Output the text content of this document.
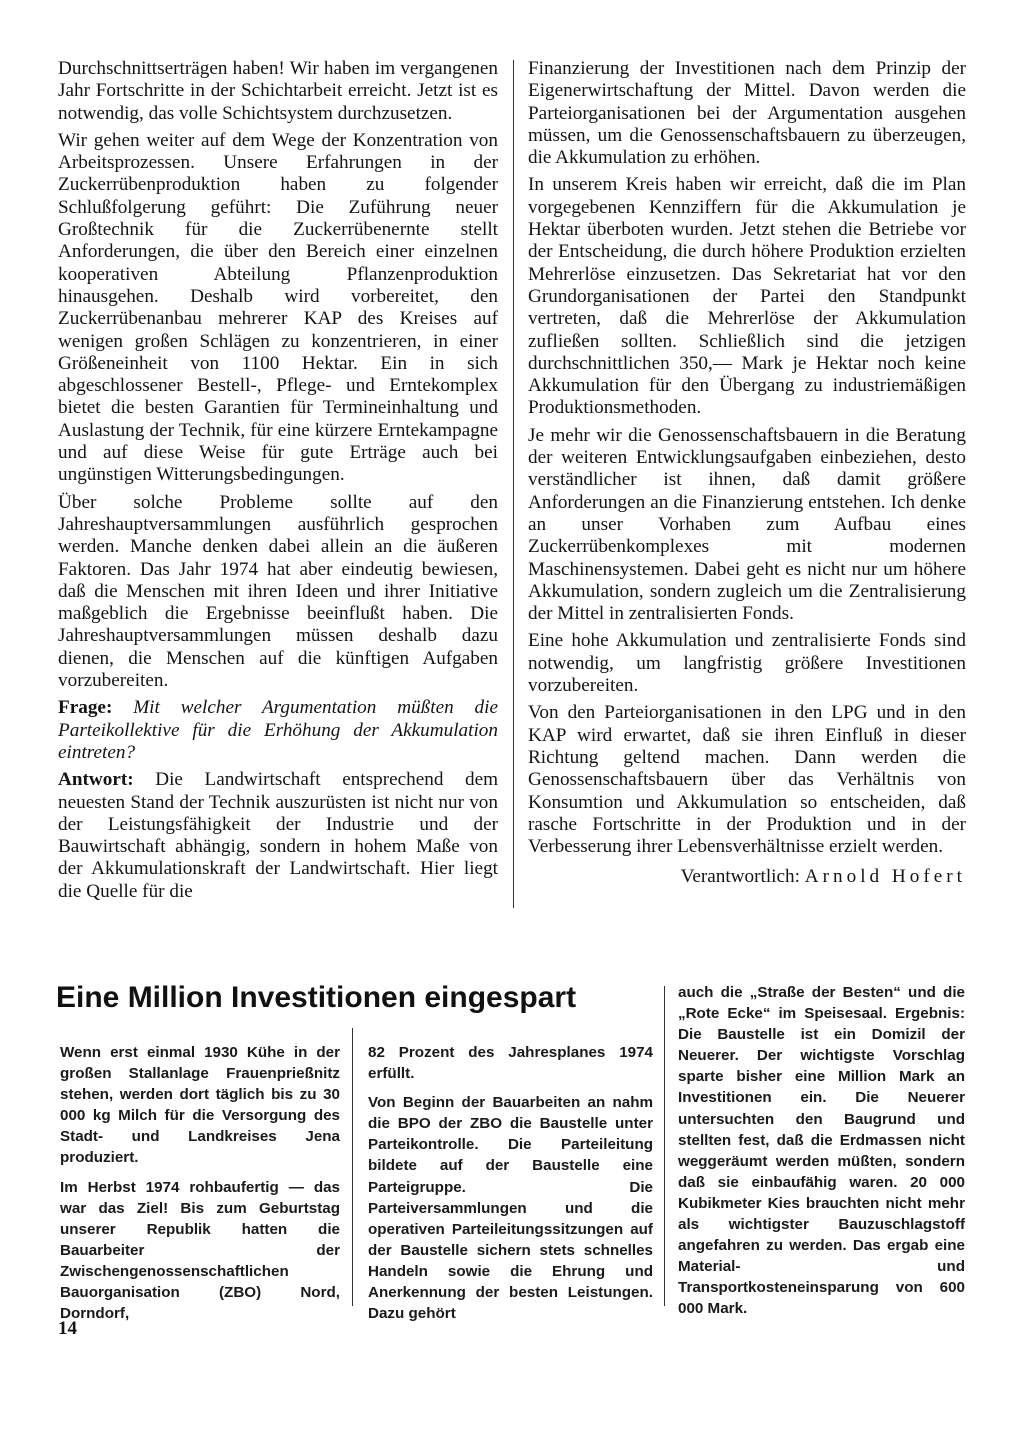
Durchschnittserträgen haben! Wir haben im vergangenen Jahr Fortschritte in der Schichtarbeit erreicht. Jetzt ist es notwendig, das volle Schichtsystem durchzusetzen.

Wir gehen weiter auf dem Wege der Konzentration von Arbeitsprozessen. Unsere Erfahrungen in der Zuckerrübenproduktion haben zu folgender Schlußfolgerung geführt: Die Zuführung neuer Großtechnik für die Zuckerrübenernte stellt Anforderungen, die über den Bereich einer einzelnen kooperativen Abteilung Pflanzenproduktion hinausgehen. Deshalb wird vorbereitet, den Zuckerrübenanbau mehrerer KAP des Kreises auf wenigen großen Schlägen zu konzentrieren, in einer Größeneinheit von 1100 Hektar. Ein in sich abgeschlossener Bestell-, Pflege- und Erntekomplex bietet die besten Garantien für Termineinhaltung und Auslastung der Technik, für eine kürzere Erntekampagne und auf diese Weise für gute Erträge auch bei ungünstigen Witterungsbedingungen.

Über solche Probleme sollte auf den Jahreshauptversammlungen ausführlich gesprochen werden. Manche denken dabei allein an die äußeren Faktoren. Das Jahr 1974 hat aber eindeutig bewiesen, daß die Menschen mit ihren Ideen und ihrer Initiative maßgeblich die Ergebnisse beeinflußt haben. Die Jahreshauptversammlungen müssen deshalb dazu dienen, die Menschen auf die künftigen Aufgaben vorzubereiten.

Frage: Mit welcher Argumentation müßten die Parteikollektive für die Erhöhung der Akkumulation eintreten?

Antwort: Die Landwirtschaft entsprechend dem neuesten Stand der Technik auszurüsten ist nicht nur von der Leistungsfähigkeit der Industrie und der Bauwirtschaft abhängig, sondern in hohem Maße von der Akkumulationskraft der Landwirtschaft. Hier liegt die Quelle für die

Finanzierung der Investitionen nach dem Prinzip der Eigenerwirtschaftung der Mittel. Davon werden die Parteiorganisationen bei der Argumentation ausgehen müssen, um die Genossenschaftsbauern zu überzeugen, die Akkumulation zu erhöhen.

In unserem Kreis haben wir erreicht, daß die im Plan vorgegebenen Kennziffern für die Akkumulation je Hektar überboten wurden. Jetzt stehen die Betriebe vor der Entscheidung, die durch höhere Produktion erzielten Mehrerlöse einzusetzen. Das Sekretariat hat vor den Grundorganisationen der Partei den Standpunkt vertreten, daß die Mehrerlöse der Akkumulation zufließen sollten. Schließlich sind die jetzigen durchschnittlichen 350,— Mark je Hektar noch keine Akkumulation für den Übergang zu industriemäßigen Produktionsmethoden.

Je mehr wir die Genossenschaftsbauern in die Beratung der weiteren Entwicklungsaufgaben einbeziehen, desto verständlicher ist ihnen, daß damit größere Anforderungen an die Finanzierung entstehen. Ich denke an unser Vorhaben zum Aufbau eines Zuckerrübenkomplexes mit modernen Maschinensystemen. Dabei geht es nicht nur um höhere Akkumulation, sondern zugleich um die Zentralisierung der Mittel in zentralisierten Fonds.

Eine hohe Akkumulation und zentralisierte Fonds sind notwendig, um langfristig größere Investitionen vorzubereiten.

Von den Parteiorganisationen in den LPG und in den KAP wird erwartet, daß sie ihren Einfluß in dieser Richtung geltend machen. Dann werden die Genossenschaftsbauern über das Verhältnis von Konsumtion und Akkumulation so entscheiden, daß rasche Fortschritte in der Produktion und in der Verbesserung ihrer Lebensverhältnisse erzielt werden.

Verantwortlich: Arnold Hofert
Eine Million Investitionen eingespart

Wenn erst einmal 1930 Kühe in der großen Stallanlage Frauenprießnitz stehen, werden dort täglich bis zu 30 000 kg Milch für die Versorgung des Stadt- und Landkreises Jena produziert.

Im Herbst 1974 rohbaufertig — das war das Ziel! Bis zum Geburtstag unserer Republik hatten die Bauarbeiter der Zwischengenossenschaftlichen Bauorganisation (ZBO) Nord, Dorndorf,

82 Prozent des Jahresplanes 1974 erfüllt.

Von Beginn der Bauarbeiten an nahm die BPO der ZBO die Baustelle unter Parteikontrolle. Die Parteileitung bildete auf der Baustelle eine Parteigruppe. Die Parteiversammlungen und die operativen Parteileitungssitzungen auf der Baustelle sichern stets schnelles Handeln sowie die Ehrung und Anerkennung der besten Leistungen. Dazu gehört

auch die „Straße der Besten“ und die „Rote Ecke“ im Speisesaal. Ergebnis: Die Baustelle ist ein Domizil der Neuerer. Der wichtigste Vorschlag sparte bisher eine Million Mark an Investitionen ein. Die Neuerer untersuchten den Baugrund und stellten fest, daß die Erdmassen nicht weggeräumt werden müßten, sondern daß sie einbaufähig waren. 20 000 Kubikmeter Kies brauchten nicht mehr als wichtigster Bauzuschlagstoff angefahren zu werden. Das ergab eine Material- und Transportkosteneinsparung von 600 000 Mark.

14
